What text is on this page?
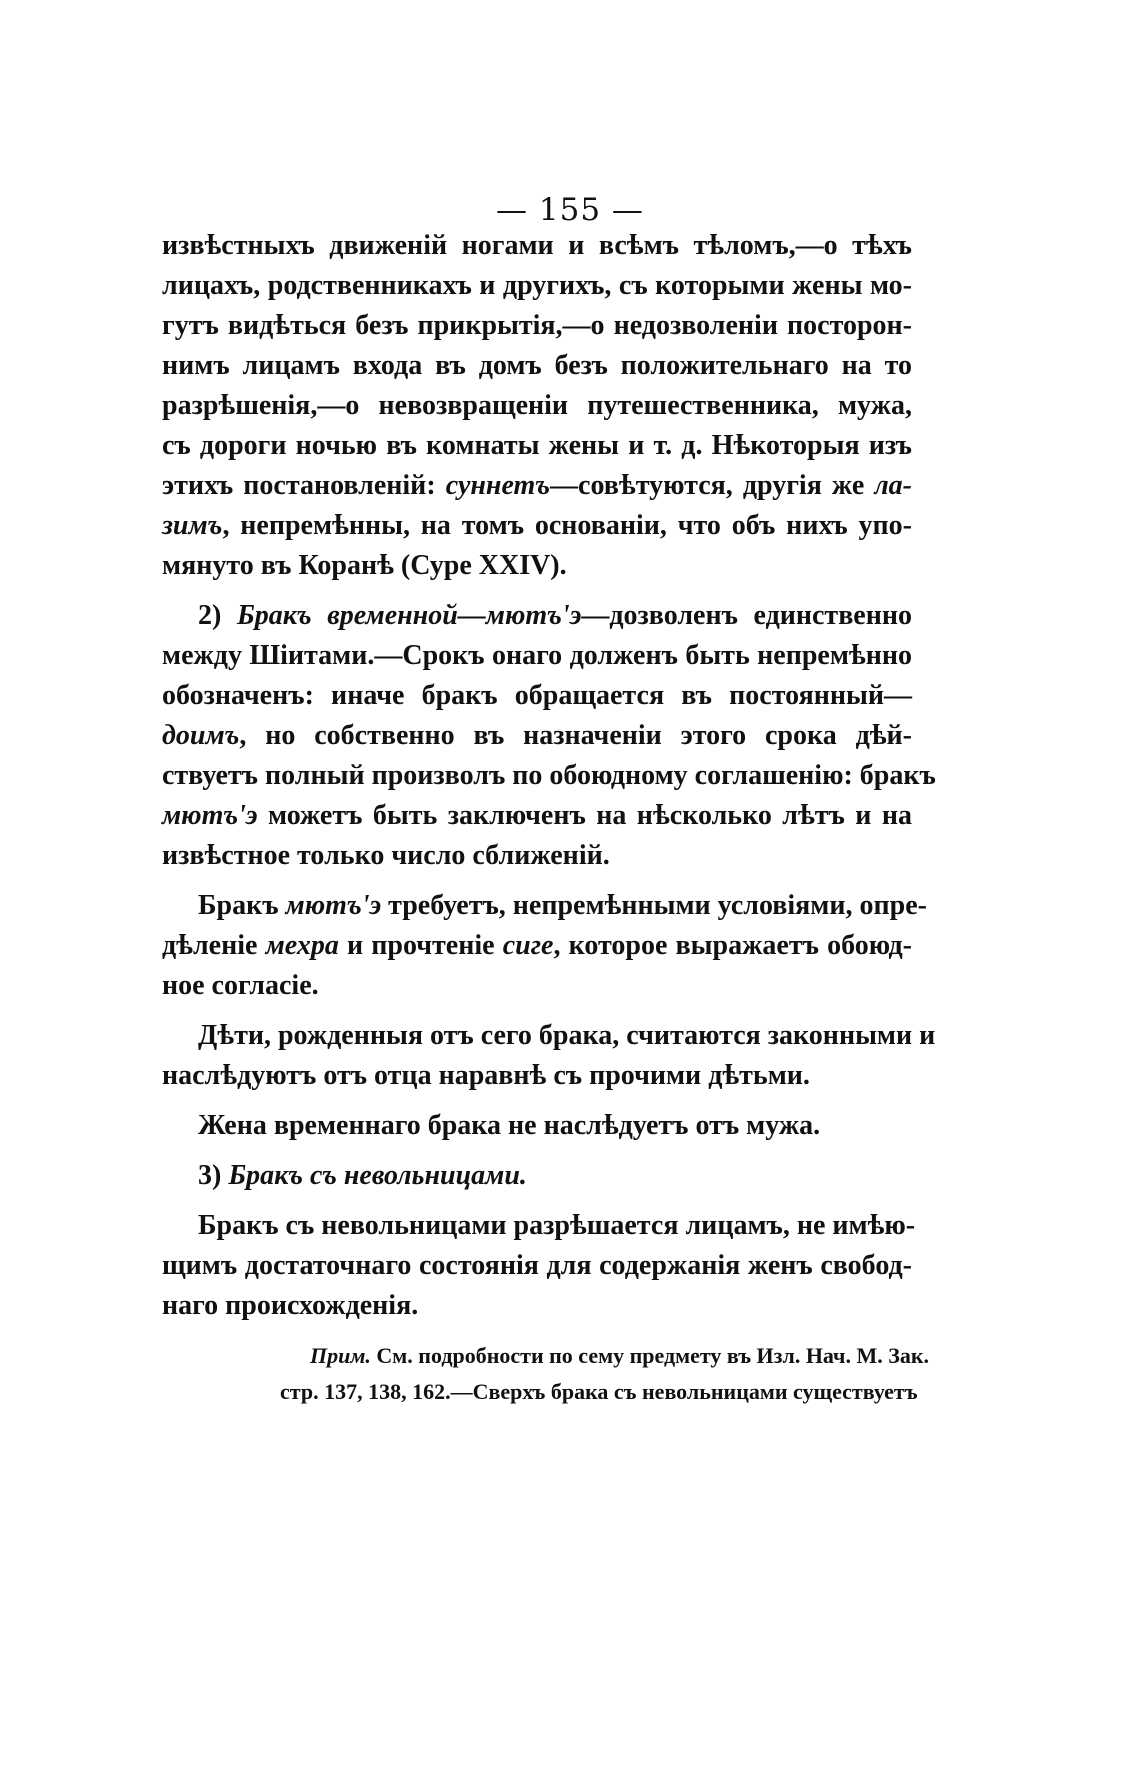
— 155 —
извѣстныхъ движеній ногами и всѣмъ тѣломъ,—о тѣхъ
лицахъ, родственникахъ и другихъ, съ которыми жены мо-
гутъ видѣться безъ прикрытія,—о недозволеніи посторон-
нимъ лицамъ входа въ домъ безъ положительнаго на то
разрѣшенія,—о невозвращеніи путешественника, мужа,
съ дороги ночью въ комнаты жены и т. д. Нѣкоторыя изъ
этихъ постановленій: суннетъ—совѣтуются, другія же ла-
зимъ, непремѣнны, на томъ основаніи, что объ нихъ упо-
мянуто въ Коранѣ (Суре XXIV).
2) Бракъ временной—мютъ'э—дозволенъ единственно
между Шіитами.—Срокъ онаго долженъ быть непремѣнно
обозначенъ: иначе бракъ обращается въ постоянный—
доимъ, но собственно въ назначеніи этого срока дѣй-
ствуетъ полный произволъ по обоюдному соглашенію: бракъ
мютъ'э можетъ быть заключенъ на нѣсколько лѣтъ и на
извѣстное только число сближеній.
Бракъ мютъ'э требуетъ, непремѣнными условіями, опре-
дѣленіе мехра и прочтеніе сиге, которое выражаетъ обоюд-
ное согласіе.
Дѣти, рожденныя отъ сего брака, считаются законными и
наслѣдуютъ отъ отца наравнѣ съ прочими дѣтьми.
Жена временнаго брака не наслѣдуетъ отъ мужа.
3) Бракъ съ невольницами.
Бракъ съ невольницами разрѣшается лицамъ, не имѣю-
щимъ достаточнаго состоянія для содержанія женъ свобод-
наго происхожденія.
Прим. См. подробности по сему предмету въ Изл. Нач. М. Зак.
стр. 137, 138, 162.—Сверхъ брака съ невольницами существуетъ
